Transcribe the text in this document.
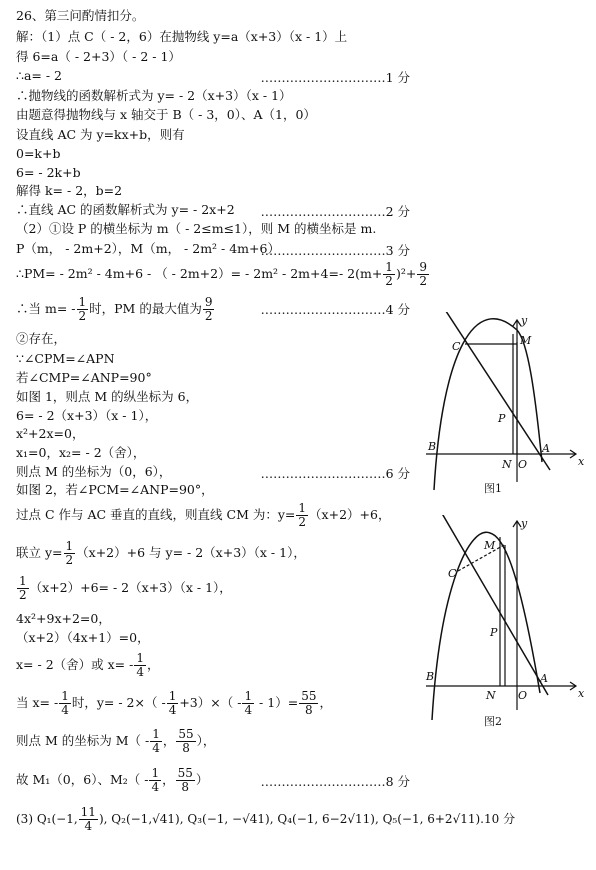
26、第三问酌情扣分。
解：（1）点 C（ - 2，6）在抛物线 y=a（x+3）（x - 1）上
得 6=a（ - 2+3）（ - 2 - 1）
∴a= - 2	…………………………1 分
∴抛物线的函数解析式为 y= - 2（x+3）（x - 1）
由题意得抛物线与 x 轴交于 B（ - 3，0）、A（1，0）
设直线 AC 为 y=kx+b，则有
0=k+b
6= - 2k+b
解得 k= - 2，b=2
∴直线 AC 的函数解析式为 y= - 2x+2 …………………………2 分
（2）①设 P 的横坐标为 m（ - 2≤m≤1），则 M 的横坐标是 m.
P（m， - 2m+2），M（m， - 2m² - 4m+6）
…………………………3 分
∴PM= - 2m² - 4m+6 - （ - 2m+2）= - 2m² - 2m+4=- $2(m+ \frac{1}{2} )^2+ \frac{9}{2}$
∴当 $m= - \frac{1}{2}$ 时，PM 的最大值为 $\frac{9}{2}$	…………………………4 分
②存在，
∵∠CPM=∠APN
若∠CMP=∠ANP=90°
如图 1，则点 M 的纵坐标为 6，
6= - 2（x+3）（x - 1），
x²+2x=0，
x₁=0，x₂= - 2（舍），
则点 M 的坐标为（0，6），	…………………………6 分
如图 2，若∠PCM=∠ANP=90°，
过点 C 作与 AC 垂直的直线，则直线 CM 为：$y= \frac{1}{2} (x+2)+6$，
联立 $y= \frac{1}{2} (x+2)+6$ 与 y= - 2（x+3）（x - 1），
$\frac{1}{2} (x+2)+6= - 2(x+3)(x - 1)$，
4x²+9x+2=0，
（x+2）（4x+1）=0，
x= - 2（舍）或 $x= - \frac{1}{4}$ ，
当 $x= - \frac{1}{4}$ 时，$y= - 2\times( - \frac{1}{4} +3)\times( - \frac{1}{4} - 1)= \frac{55}{8}$ ，
则点 M 的坐标为 $M( - \frac{1}{4}$ ， $\frac{55}{8}$ ），
故 M₁（0，6）、$M_2( - \frac{1}{4}$ ， $\frac{55}{8}$ ）	…………………………8 分
(3) Q₁(−1, $\frac{11}{4}$ ), Q₂(−1,√41), Q₃(−1, −√41), Q₄(−1, 6−2√11), Q₅(−1, 6+2√11).10 分
y
x
C	M
P
B
N O
A
图1
y
x
C
M
P
B
N O
A
图2
